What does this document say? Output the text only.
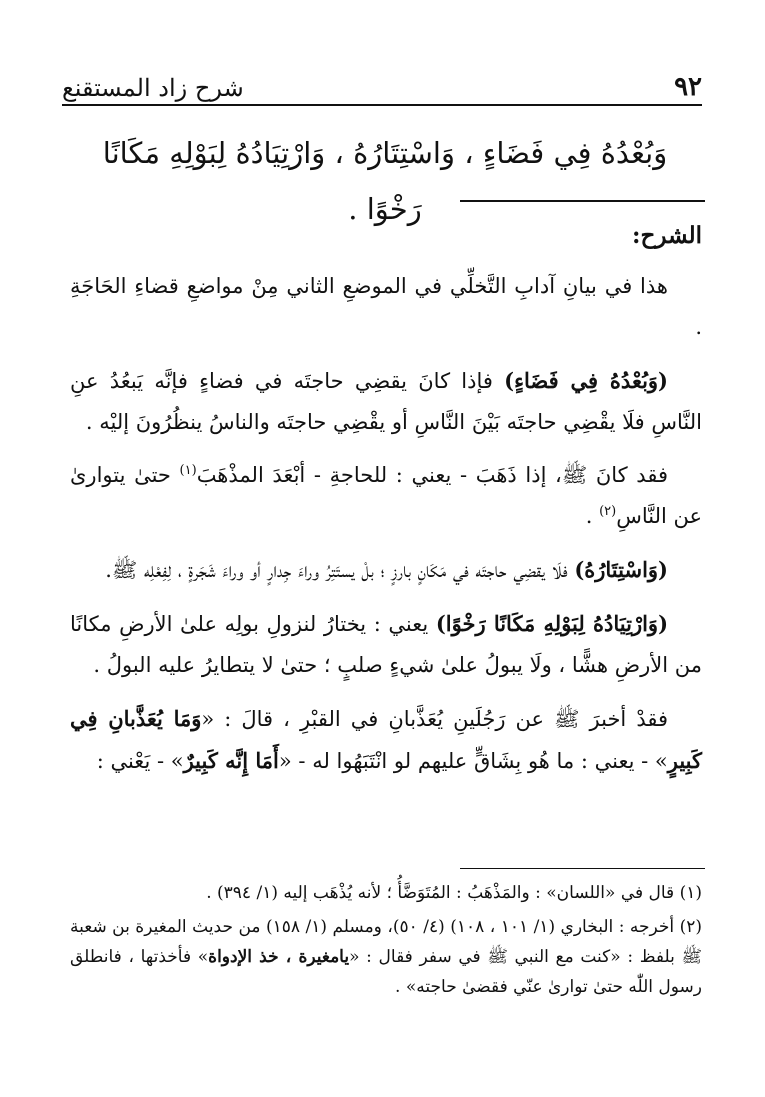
شرح زاد المستقنع	٩٢
وَبُعْدُهُ فِي فَضَاءٍ ، وَاسْتِتَارُهُ ، وَارْتِيَادُهُ لِبَوْلِهِ مَكَانًا رَخْوًا .
الشرح:

هذا في بيانِ آدابِ التَّخلِّي في الموضعِ الثاني مِنْ مواضعِ قضاءِ الحَاجَةِ .

(وَبُعْدُهُ فِي فَضَاءٍ) فإذا كانَ يقضِي حاجتَه في فضاءٍ فإنَّه يَبعُدُ عنِ النَّاسِ فلَا يقْضِي حاجتَه بَيْنَ النَّاسِ أو يقْضِي حاجتَه والناسُ ينظُرُونَ إليْه .

فقد كانَ ﷺ، إذا ذَهَبَ - يعني : للحاجةِ - أبْعَدَ المذْهَبَ$^{(١)}$ حتىٰ يتوارىٰ عن النَّاسِ$^{(٢)}$ .

(وَاسْتِتَارُهُ) فلَا يقضِي حاجتَه في مَكَانٍ بارزٍ ؛ بلْ يستَتِرُ وراءَ جِدارٍ أو وراءَ شَجَرةٍ ، لِفِعْلِه ﷺ.

(وَارْتِيَادُهُ لِبَوْلِهِ مَكَانًا رَخْوًا) يعني : يختارُ لنزولِ بولِه علىٰ الأرضِ مكانًا من الأرضِ هشًّا ، ولَا يبولُ علىٰ شيءٍ صلبٍ ؛ حتىٰ لا يتطايرُ عليه البولُ .

فقدْ أخبرَ ﷺ عن رَجُلَينِ يُعَذَّبانِ في القبْرِ ، قالَ : «وَمَا يُعَذَّبانِ فِي كَبِيرٍ» - يعني : ما هُو بِشَاقٍّ عليهم لو انْتَبَهُوا له - «أَمَا إِنَّه كَبِيرٌ» - يَعْني :

(١) قال في «اللسان» : والمَذْهَبُ : المُتَوَضَّأُ ؛ لأنه يُذْهَب إليه (١/ ٣٩٤) .

(٢) أخرجه : البخاري (١/ ١٠١ ، ١٠٨) (٤/ ٥٠)، ومسلم (١/ ١٥٨) من حديث المغيرة بن شعبة ﷺ بلفظ : «كنت مع النبي ﷺ في سفر فقال : «يامغيرة ، خذ الإدواة» فأخذتها ، فانطلق رسول اللّٰه حتىٰ توارىٰ عنّي فقضىٰ حاجته» .
